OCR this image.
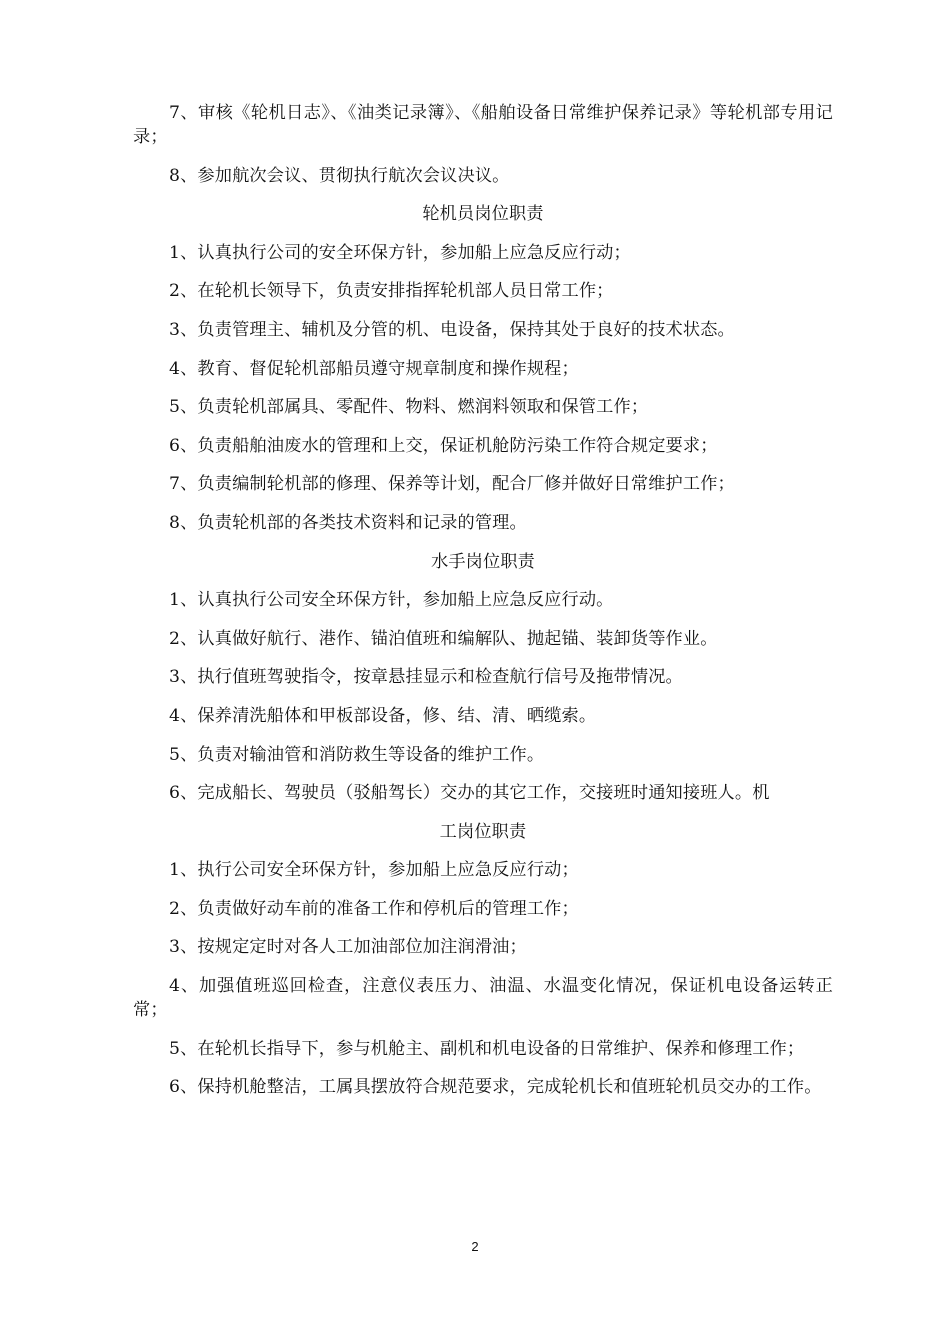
7、审核《轮机日志》、《油类记录簿》、《船舶设备日常维护保养记录》等轮机部专用记录；

8、参加航次会议、贯彻执行航次会议决议。

轮机员岗位职责

1、认真执行公司的安全环保方针，参加船上应急反应行动；

2、在轮机长领导下，负责安排指挥轮机部人员日常工作；

3、负责管理主、辅机及分管的机、电设备，保持其处于良好的技术状态。

4、教育、督促轮机部船员遵守规章制度和操作规程；

5、负责轮机部属具、零配件、物料、燃润料领取和保管工作；

6、负责船舶油废水的管理和上交，保证机舱防污染工作符合规定要求；

7、负责编制轮机部的修理、保养等计划，配合厂修并做好日常维护工作；

8、负责轮机部的各类技术资料和记录的管理。

水手岗位职责

1、认真执行公司安全环保方针，参加船上应急反应行动。

2、认真做好航行、港作、锚泊值班和编解队、抛起锚、装卸货等作业。

3、执行值班驾驶指令，按章悬挂显示和检查航行信号及拖带情况。

4、保养清洗船体和甲板部设备，修、结、清、晒缆索。

5、负责对输油管和消防救生等设备的维护工作。

6、完成船长、驾驶员（驳船驾长）交办的其它工作，交接班时通知接班人。机

工岗位职责

1、执行公司安全环保方针，参加船上应急反应行动；

2、负责做好动车前的准备工作和停机后的管理工作；

3、按规定定时对各人工加油部位加注润滑油；

4、加强值班巡回检查，注意仪表压力、油温、水温变化情况，保证机电设备运转正常；

5、在轮机长指导下，参与机舱主、副机和机电设备的日常维护、保养和修理工作；

6、保持机舱整洁，工属具摆放符合规范要求，完成轮机长和值班轮机员交办的工作。

2
